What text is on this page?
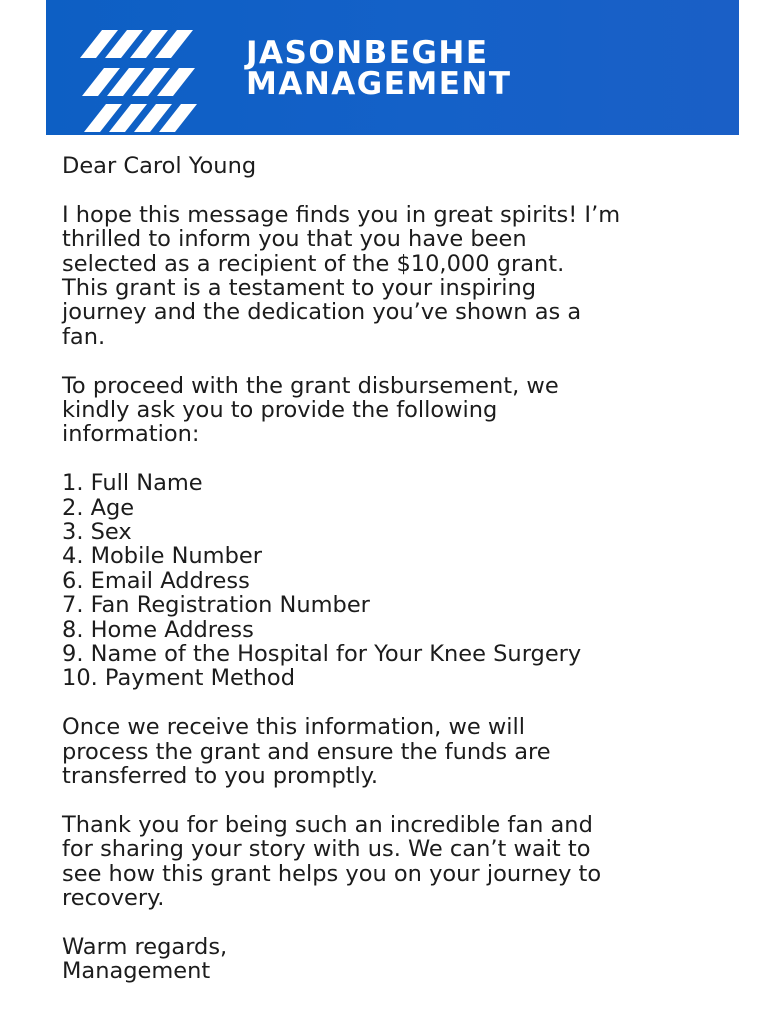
JASONBEGHE
MANAGEMENT

Dear Carol Young

I hope this message finds you in great spirits! I’m
thrilled to inform you that you have been
selected as a recipient of the $10,000 grant.
This grant is a testament to your inspiring
journey and the dedication you’ve shown as a
fan.

To proceed with the grant disbursement, we
kindly ask you to provide the following
information:

1. Full Name
2. Age
3. Sex
4. Mobile Number
6. Email Address
7. Fan Registration Number
8. Home Address
9. Name of the Hospital for Your Knee Surgery
10. Payment Method

Once we receive this information, we will
process the grant and ensure the funds are
transferred to you promptly.

Thank you for being such an incredible fan and
for sharing your story with us. We can’t wait to
see how this grant helps you on your journey to
recovery.

Warm regards,

Management
